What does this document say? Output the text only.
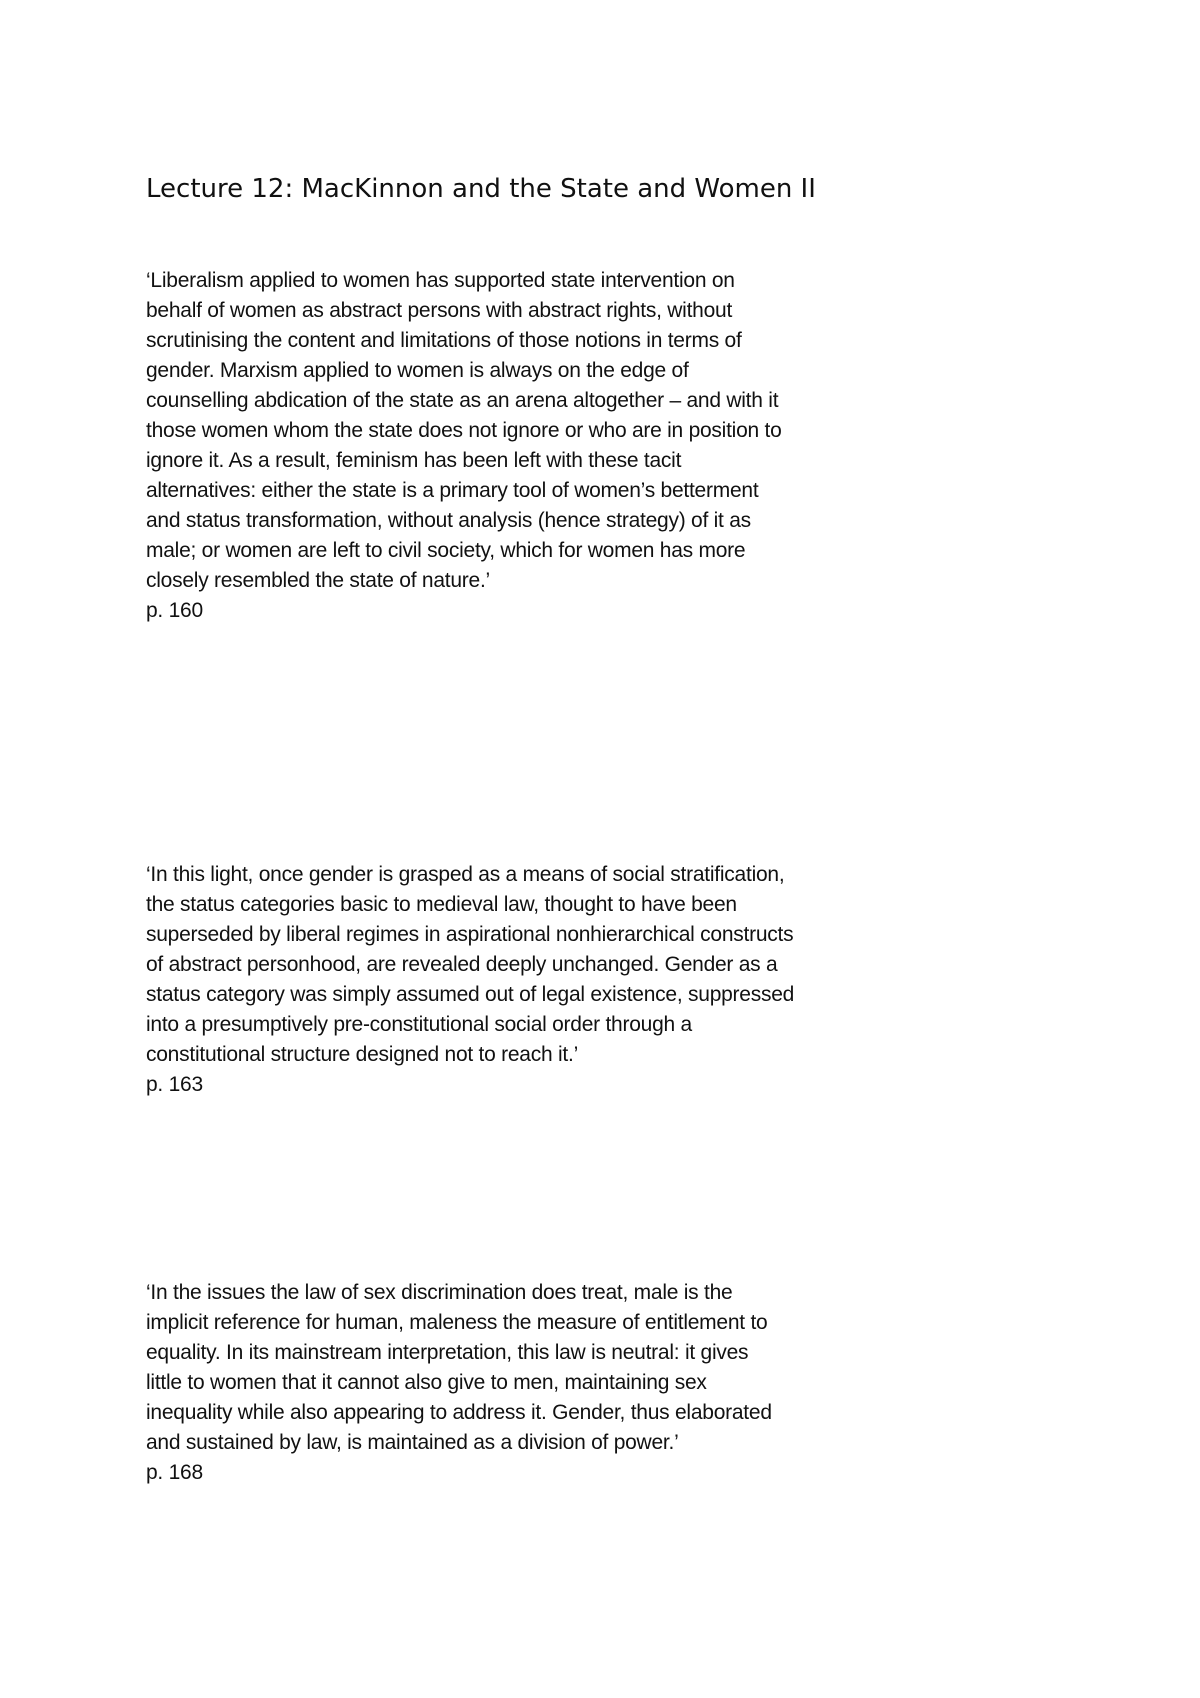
Lecture 12: MacKinnon and the State and Women II
‘Liberalism applied to women has supported state intervention on
behalf of women as abstract persons with abstract rights, without
scrutinising the content and limitations of those notions in terms of
gender. Marxism applied to women is always on the edge of
counselling abdication of the state as an arena altogether – and with it
those women whom the state does not ignore or who are in position to
ignore it. As a result, feminism has been left with these tacit
alternatives: either the state is a primary tool of women’s betterment
and status transformation, without analysis (hence strategy) of it as
male; or women are left to civil society, which for women has more
closely resembled the state of nature.’
p. 160
‘In this light, once gender is grasped as a means of social stratification,
the status categories basic to medieval law, thought to have been
superseded by liberal regimes in aspirational nonhierarchical constructs
of abstract personhood, are revealed deeply unchanged. Gender as a
status category was simply assumed out of legal existence, suppressed
into a presumptively pre-constitutional social order through a
constitutional structure designed not to reach it.’
p. 163
‘In the issues the law of sex discrimination does treat, male is the
implicit reference for human, maleness the measure of entitlement to
equality. In its mainstream interpretation, this law is neutral: it gives
little to women that it cannot also give to men, maintaining sex
inequality while also appearing to address it. Gender, thus elaborated
and sustained by law, is maintained as a division of power.’
p. 168
